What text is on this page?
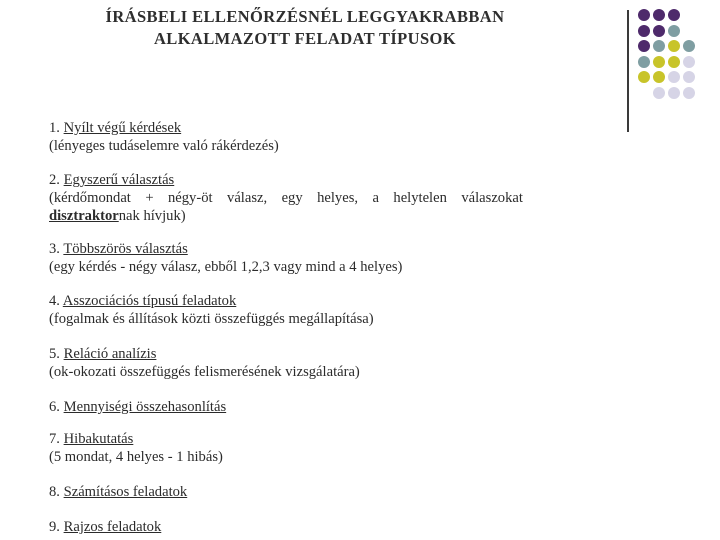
ÍRÁSBELI ELLENŐRZÉSNÉL LEGGYAKRABBAN
ALKALMAZOTT FELADAT TÍPUSOK
1. Nyílt végű kérdések
(lényeges tudáselemre való rákérdezés)
2. Egyszerű választás
(kérdőmondat + négy-öt válasz, egy helyes, a helytelen válaszokat
disztraktornak hívjuk)
3. Többszörös választás
(egy kérdés - négy válasz, ebből 1,2,3 vagy mind a 4 helyes)
4. Asszociációs típusú feladatok
(fogalmak és állítások közti összefüggés megállapítása)
5. Reláció analízis
(ok-okozati összefüggés felismerésének vizsgálatára)
6. Mennyiségi összehasonlítás
7. Hibakutatás
(5 mondat, 4 helyes - 1 hibás)
8. Számításos feladatok
9. Rajzos feladatok
